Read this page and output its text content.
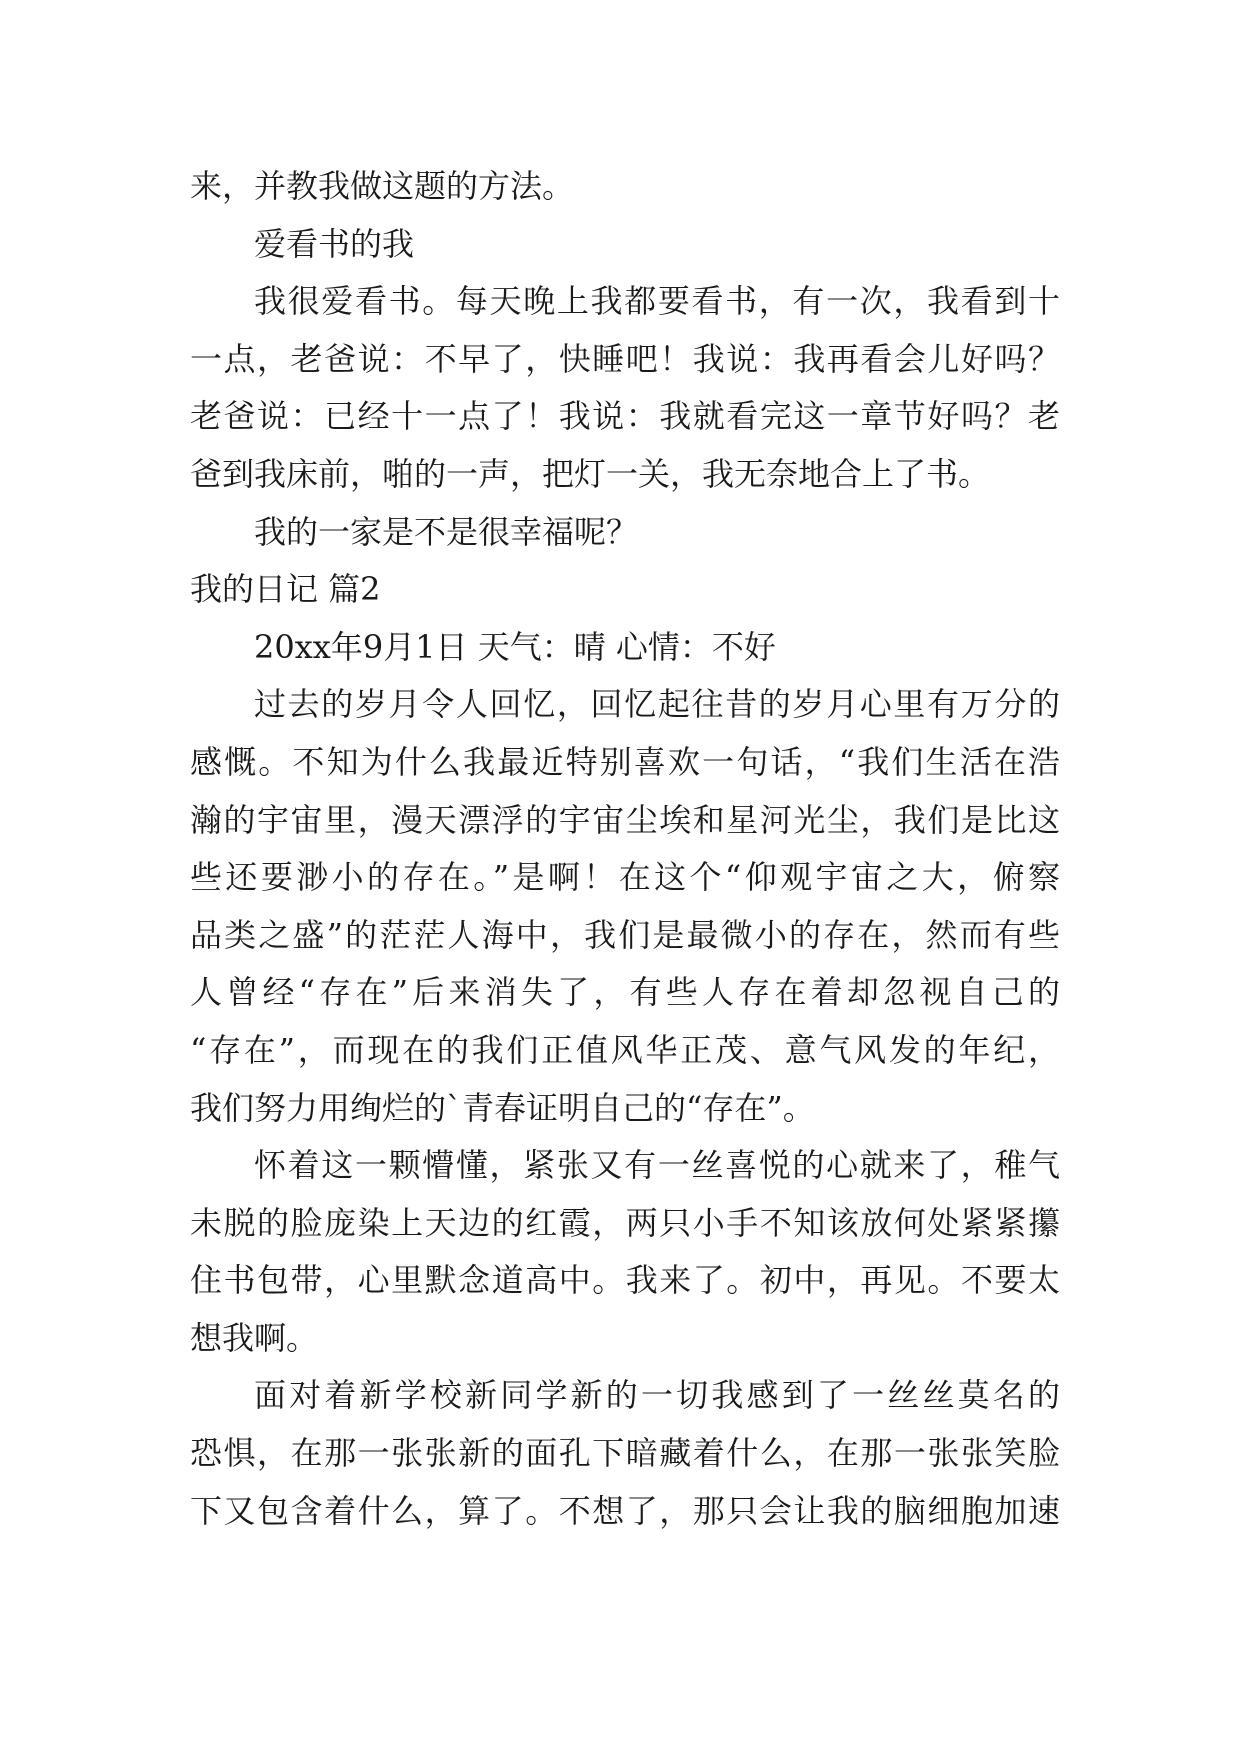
来，并教我做这题的方法。
爱看书的我
我很爱看书。每天晚上我都要看书，有一次，我看到十
一点，老爸说：不早了，快睡吧！我说：我再看会儿好吗？
老爸说：已经十一点了！我说：我就看完这一章节好吗？老
爸到我床前，啪的一声，把灯一关，我无奈地合上了书。
我的一家是不是很幸福呢？
我的日记 篇2
20xx年9月1日 天气：晴 心情：不好
过去的岁月令人回忆，回忆起往昔的岁月心里有万分的
感慨。不知为什么我最近特别喜欢一句话，“我们生活在浩
瀚的宇宙里，漫天漂浮的宇宙尘埃和星河光尘，我们是比这
些还要渺小的存在。”是啊！在这个“仰观宇宙之大，俯察
品类之盛”的茫茫人海中，我们是最微小的存在，然而有些
人曾经“存在”后来消失了，有些人存在着却忽视自己的
“存在”，而现在的我们正值风华正茂、意气风发的年纪，
我们努力用绚烂的`青春证明自己的“存在”。
怀着这一颗懵懂，紧张又有一丝喜悦的心就来了，稚气
未脱的脸庞染上天边的红霞，两只小手不知该放何处紧紧攥
住书包带，心里默念道高中。我来了。初中，再见。不要太
想我啊。
面对着新学校新同学新的一切我感到了一丝丝莫名的
恐惧，在那一张张新的面孔下暗藏着什么，在那一张张笑脸
下又包含着什么，算了。不想了，那只会让我的脑细胞加速
